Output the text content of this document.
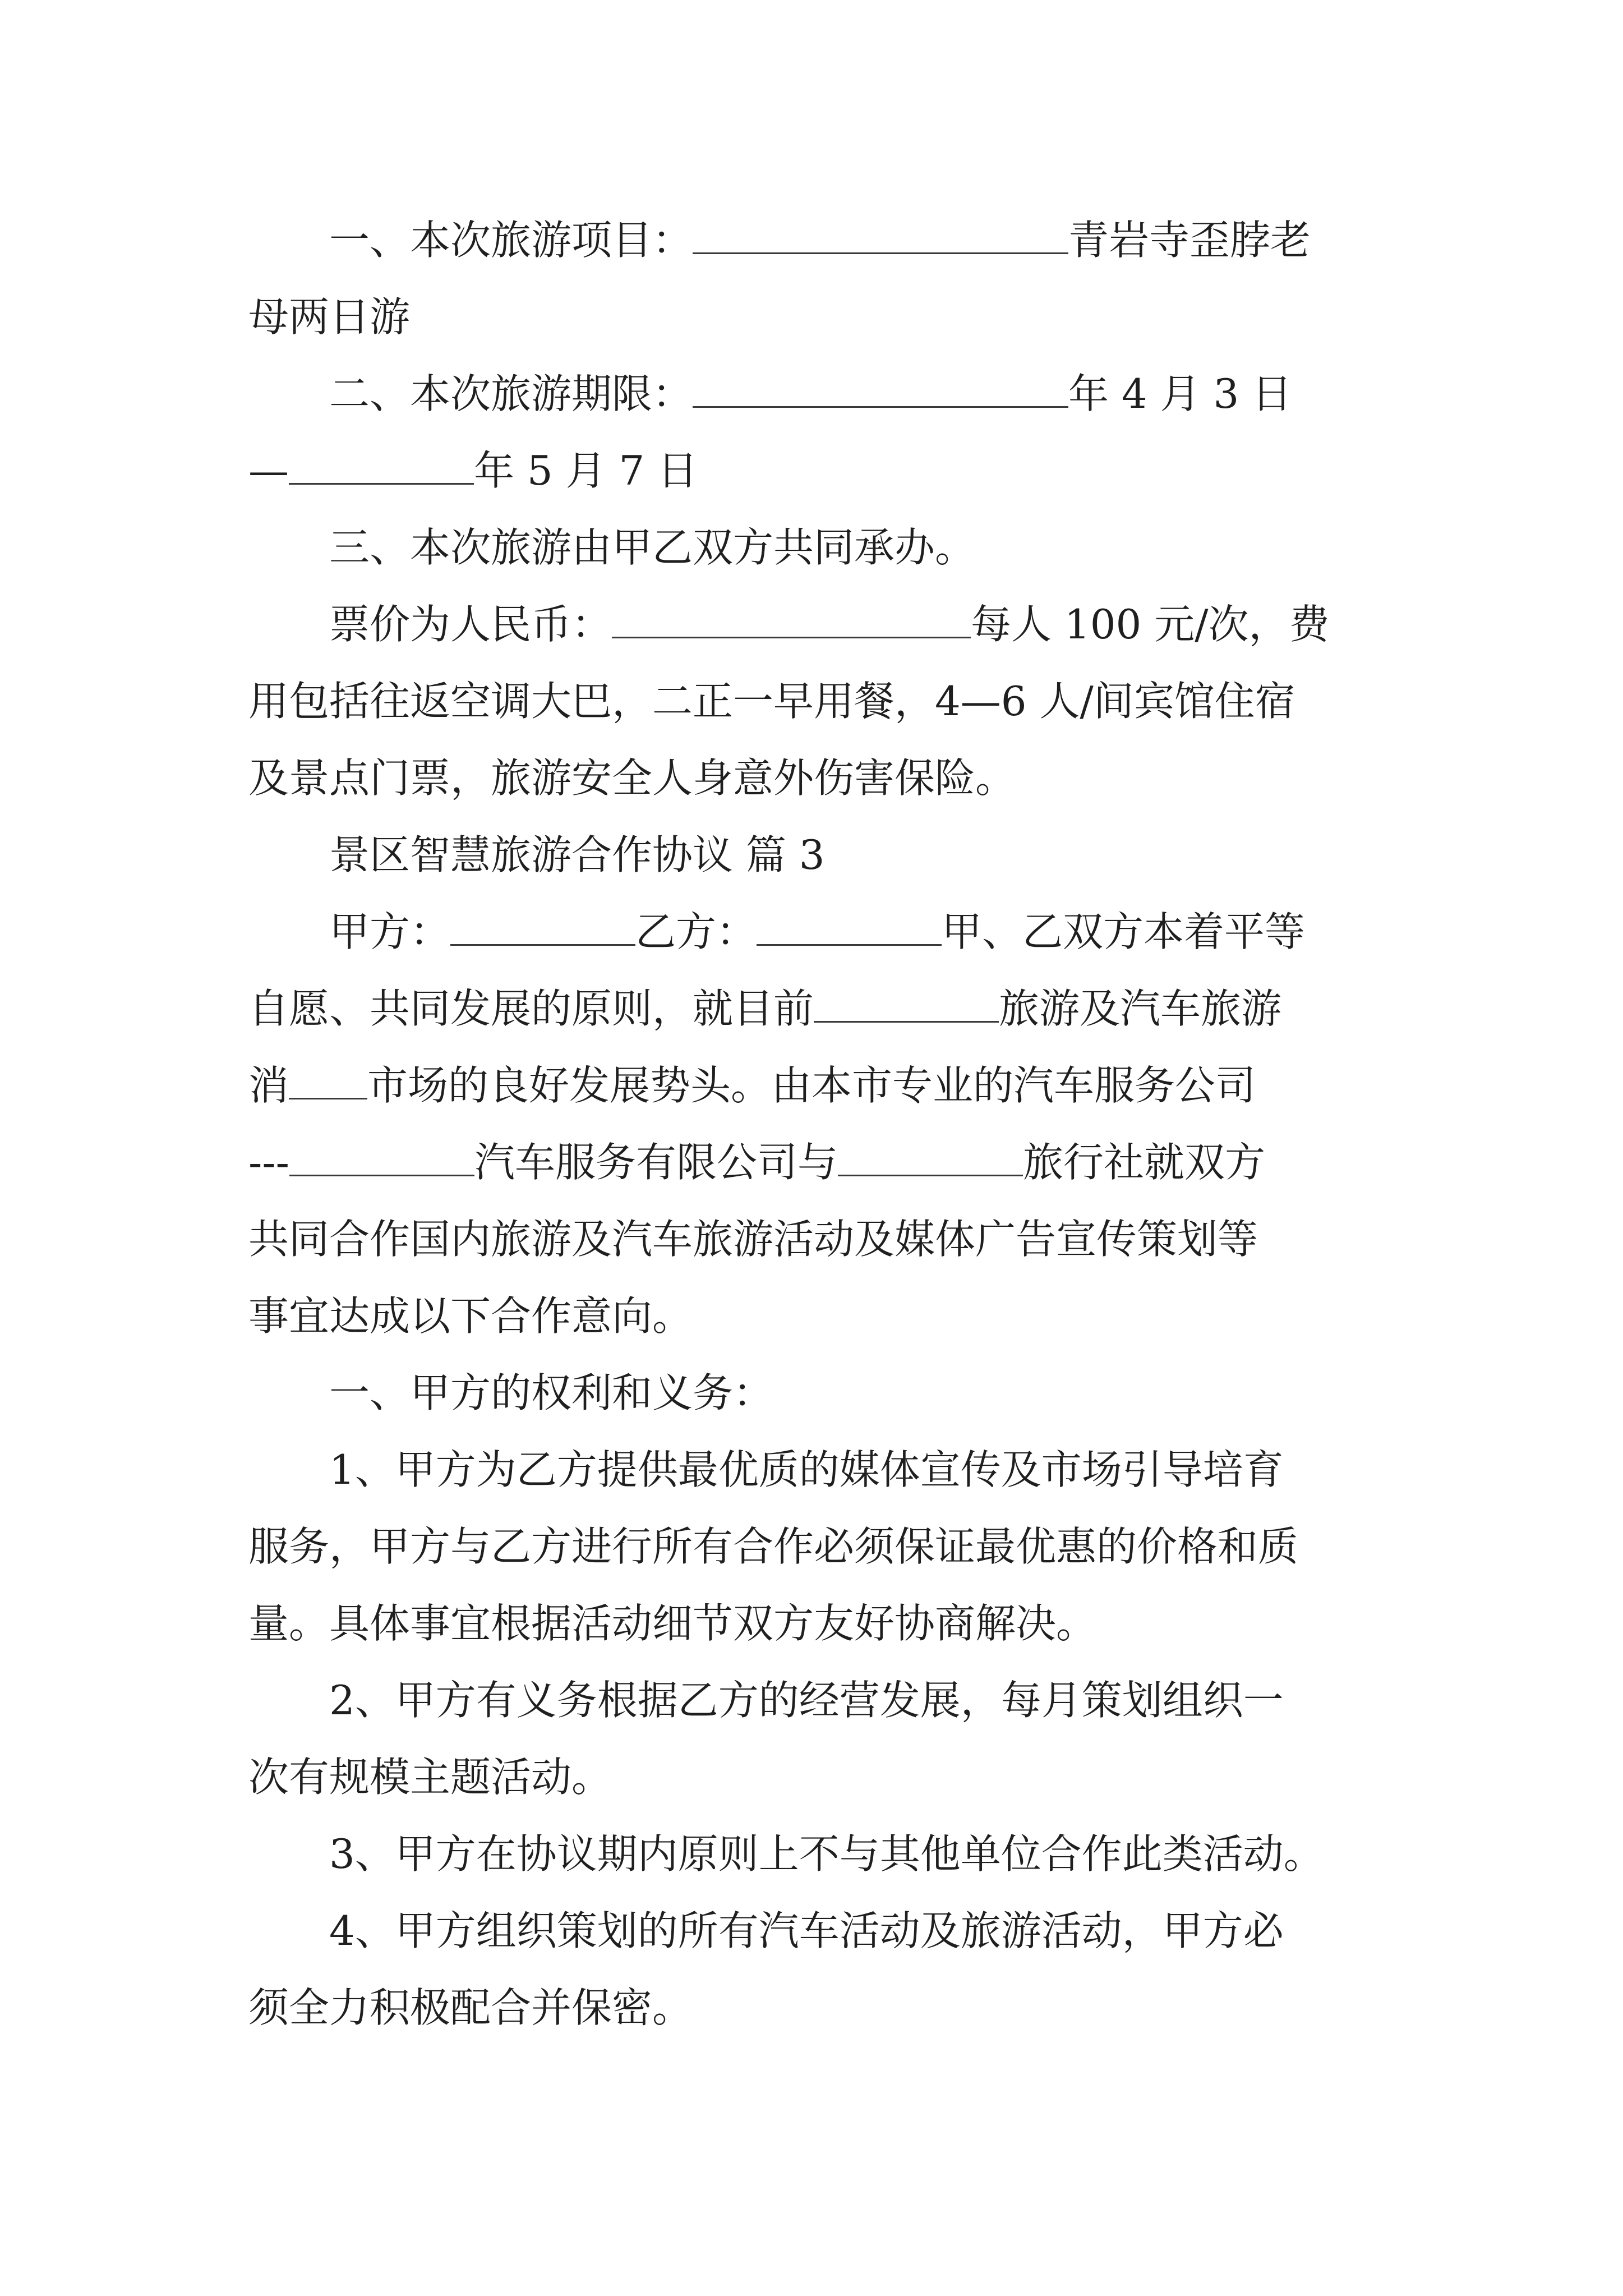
一、本次旅游项目：	青岩寺歪脖老
母两日游
二、本次旅游期限：	年 4 月 3 日
—	年 5 月 7 日
三、本次旅游由甲乙双方共同承办。
票价为人民币：	每人 100 元/次，费
用包括往返空调大巴，二正一早用餐，4—6 人/间宾馆住宿
及景点门票，旅游安全人身意外伤害保险。
景区智慧旅游合作协议 篇 3
甲方：	乙方：	甲、乙双方本着平等
自愿、共同发展的原则，就目前	旅游及汽车旅游
消 市场的良好发展势头。由本市专业的汽车服务公司
---	汽车服务有限公司与	旅行社就双方
共同合作国内旅游及汽车旅游活动及媒体广告宣传策划等
事宜达成以下合作意向。
一、甲方的权利和义务：
1、甲方为乙方提供最优质的媒体宣传及市场引导培育
服务，甲方与乙方进行所有合作必须保证最优惠的价格和质
量。具体事宜根据活动细节双方友好协商解决。
2、甲方有义务根据乙方的经营发展，每月策划组织一
次有规模主题活动。
3、甲方在协议期内原则上不与其他单位合作此类活动。
4、甲方组织策划的所有汽车活动及旅游活动，甲方必
须全力积极配合并保密。
